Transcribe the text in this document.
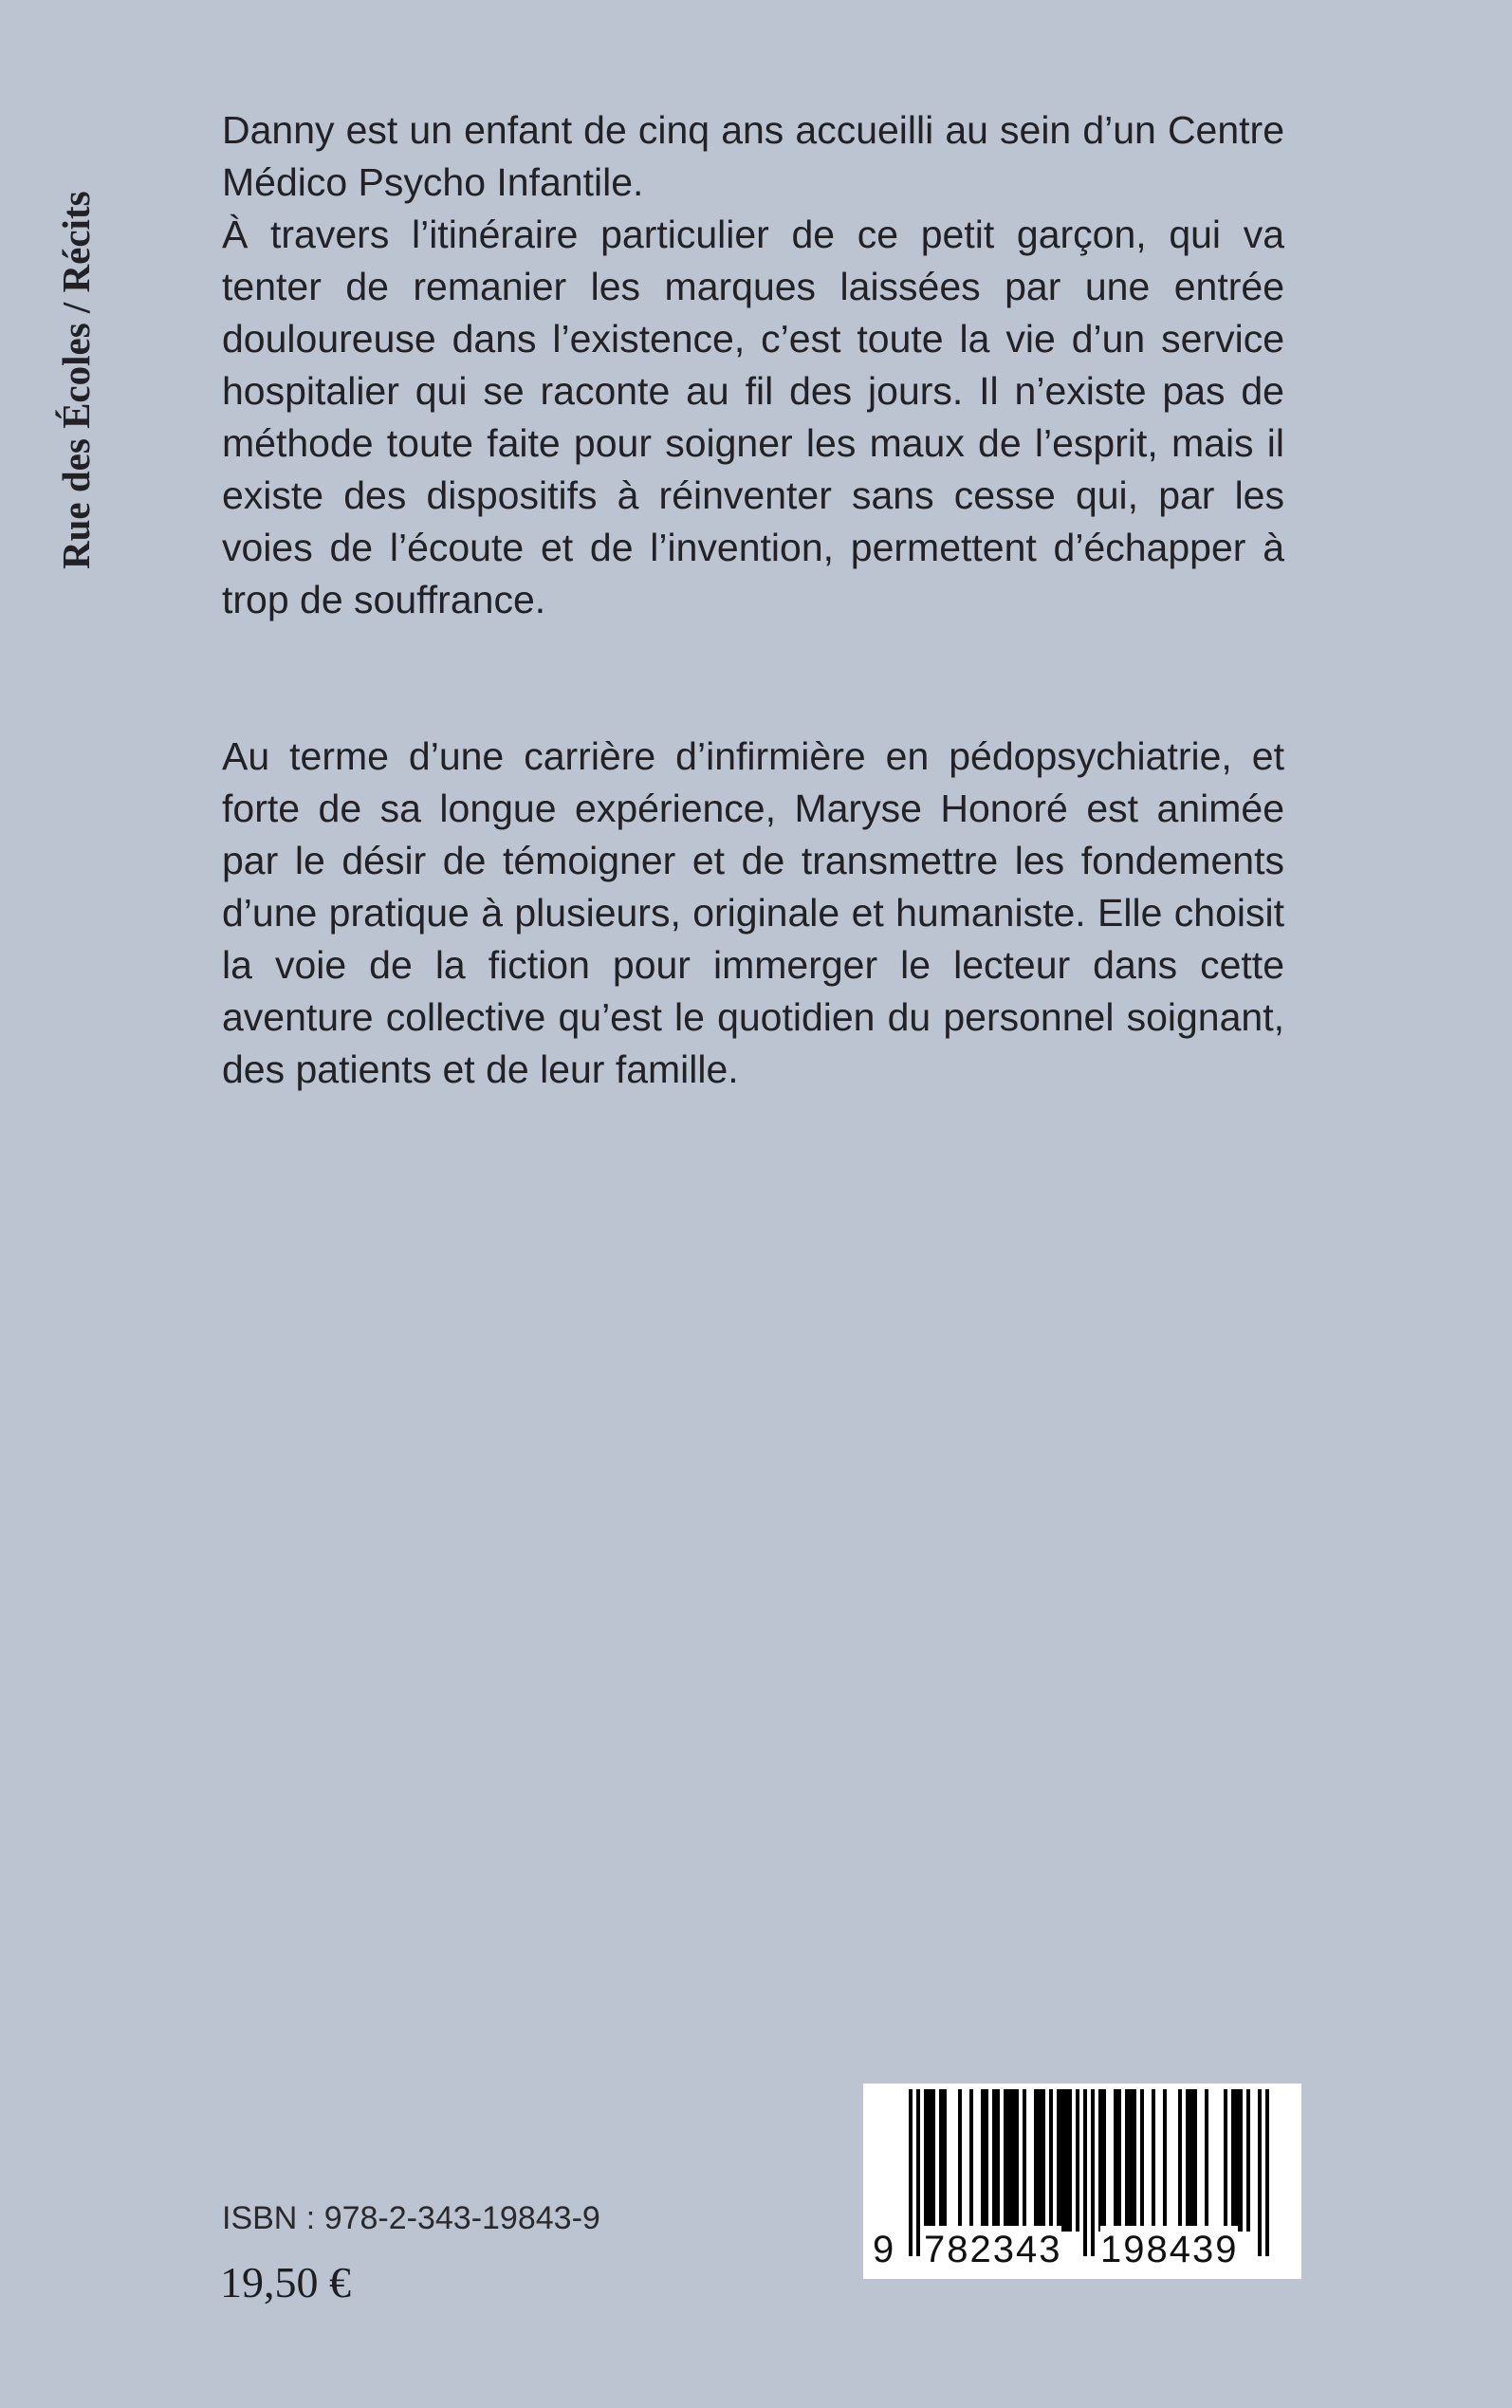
Rue des Écoles / Récits

Danny est un enfant de cinq ans accueilli au sein d’un Centre Médico Psycho Infantile.

À travers l’itinéraire particulier de ce petit garçon, qui va tenter de remanier les marques laissées par une entrée douloureuse dans l’existence, c’est toute la vie d’un service hospitalier qui se raconte au fil des jours. Il n’existe pas de méthode toute faite pour soigner les maux de l’esprit, mais il existe des dispositifs à réinventer sans cesse qui, par les voies de l’écoute et de l’invention, permettent d’échapper à trop de souffrance.

Au terme d’une carrière d’infirmière en pédopsychiatrie, et forte de sa longue expérience, Maryse Honoré est animée par le désir de témoigner et de transmettre les fondements d’une pratique à plusieurs, originale et humaniste. Elle choisit la voie de la fiction pour immerger le lecteur dans cette aventure collective qu’est le quotidien du personnel soignant, des patients et de leur famille.

ISBN : 978-2-343-19843-9
19,50 €
9 782343 198439
